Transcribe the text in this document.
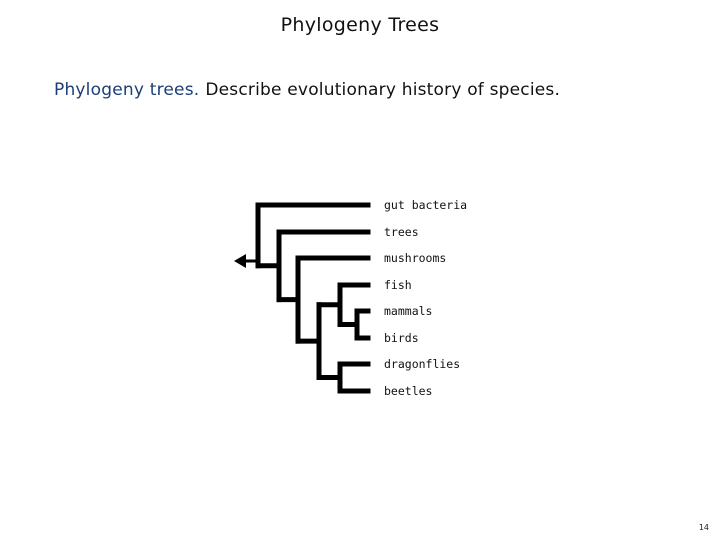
Phylogeny Trees
Phylogeny trees. Describe evolutionary history of species.
gut bacteria
trees
mushrooms
fish
mammals
birds
dragonflies
beetles
14
